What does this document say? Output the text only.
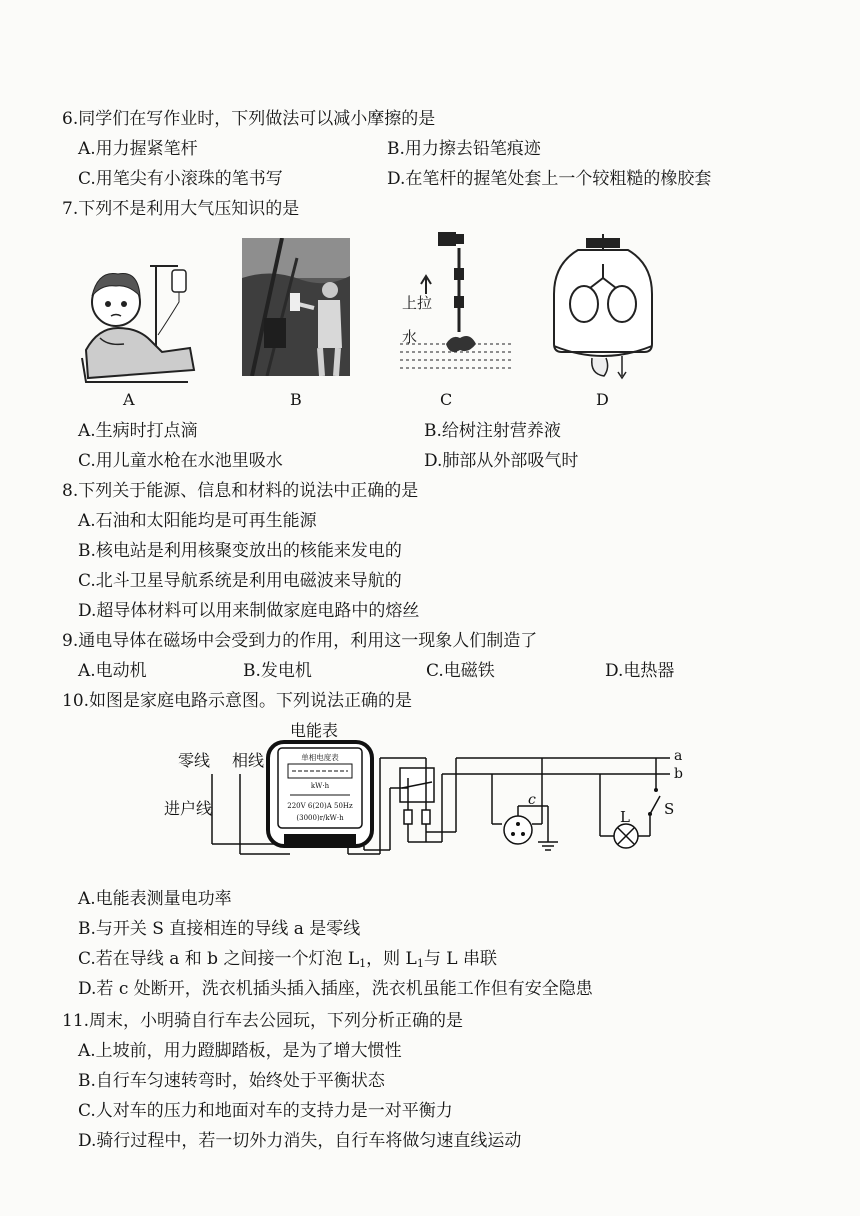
6.同学们在写作业时，下列做法可以减小摩擦的是
A.用力握紧笔杆	B.用力擦去铅笔痕迹
C.用笔尖有小滚珠的笔书写	D.在笔杆的握笔处套上一个较粗糙的橡胶套
7.下列不是利用大气压知识的是
上拉
水
A	B	C	D
A.生病时打点滴	B.给树注射营养液
C.用儿童水枪在水池里吸水	D.肺部从外部吸气时
8.下列关于能源、信息和材料的说法中正确的是
A.石油和太阳能均是可再生能源
B.核电站是利用核聚变放出的核能来发电的
C.北斗卫星导航系统是利用电磁波来导航的
D.超导体材料可以用来制做家庭电路中的熔丝
9.通电导体在磁场中会受到力的作用，利用这一现象人们制造了
A.电动机	B.发电机	C.电磁铁	D.电热器
10.如图是家庭电路示意图。下列说法正确的是
电能表
零线 相线
进户线
单相电度表
kW·h
220V 6(20)A 50Hz
(3000)r/kW·h
a
b
c
L S
A.电能表测量电功率
B.与开关 S 直接相连的导线 a 是零线
C.若在导线 a 和 b 之间接一个灯泡 $L_1$，则 $L_1$与 L 串联
D.若 c 处断开，洗衣机插头插入插座，洗衣机虽能工作但有安全隐患
11.周末，小明骑自行车去公园玩，下列分析正确的是
A.上坡前，用力蹬脚踏板，是为了增大惯性
B.自行车匀速转弯时，始终处于平衡状态
C.人对车的压力和地面对车的支持力是一对平衡力
D.骑行过程中，若一切外力消失，自行车将做匀速直线运动
